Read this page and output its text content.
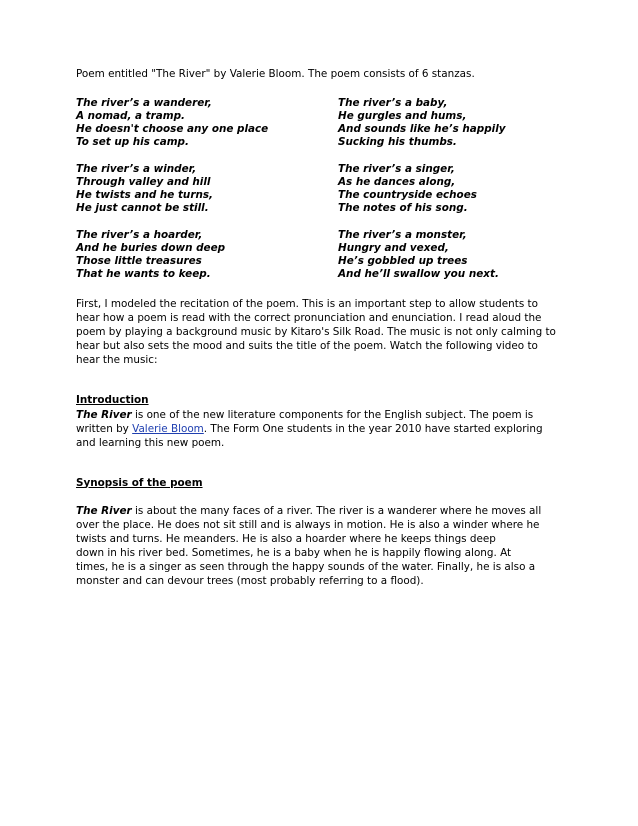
Poem entitled "The River" by Valerie Bloom. The poem consists of 6 stanzas.
The river’s a wanderer,
A nomad, a tramp.
He doesn't choose any one place
To set up his camp.
The river’s a baby,
He gurgles and hums,
And sounds like he’s happily
Sucking his thumbs.
The river’s a winder,
Through valley and hill
He twists and he turns,
He just cannot be still.
The river’s a singer,
As he dances along,
The countryside echoes
The notes of his song.
The river’s a hoarder,
And he buries down deep
Those little treasures
That he wants to keep.
The river’s a monster,
Hungry and vexed,
He’s gobbled up trees
And he’ll swallow you next.
First, I modeled the recitation of the poem. This is an important step to allow students to
hear how a poem is read with the correct pronunciation and enunciation. I read aloud the
poem by playing a background music by Kitaro's Silk Road. The music is not only calming to
hear but also sets the mood and suits the title of the poem. Watch the following video to
hear the music:
Introduction
The River is one of the new literature components for the English subject. The poem is
written by Valerie Bloom. The Form One students in the year 2010 have started exploring
and learning this new poem.
Synopsis of the poem
The River is about the many faces of a river. The river is a wanderer where he moves all
over the place. He does not sit still and is always in motion. He is also a winder where he
twists and turns. He meanders. He is also a hoarder where he keeps things deep
down in his river bed. Sometimes, he is a baby when he is happily flowing along. At
times, he is a singer as seen through the happy sounds of the water. Finally, he is also a
monster and can devour trees (most probably referring to a flood).
